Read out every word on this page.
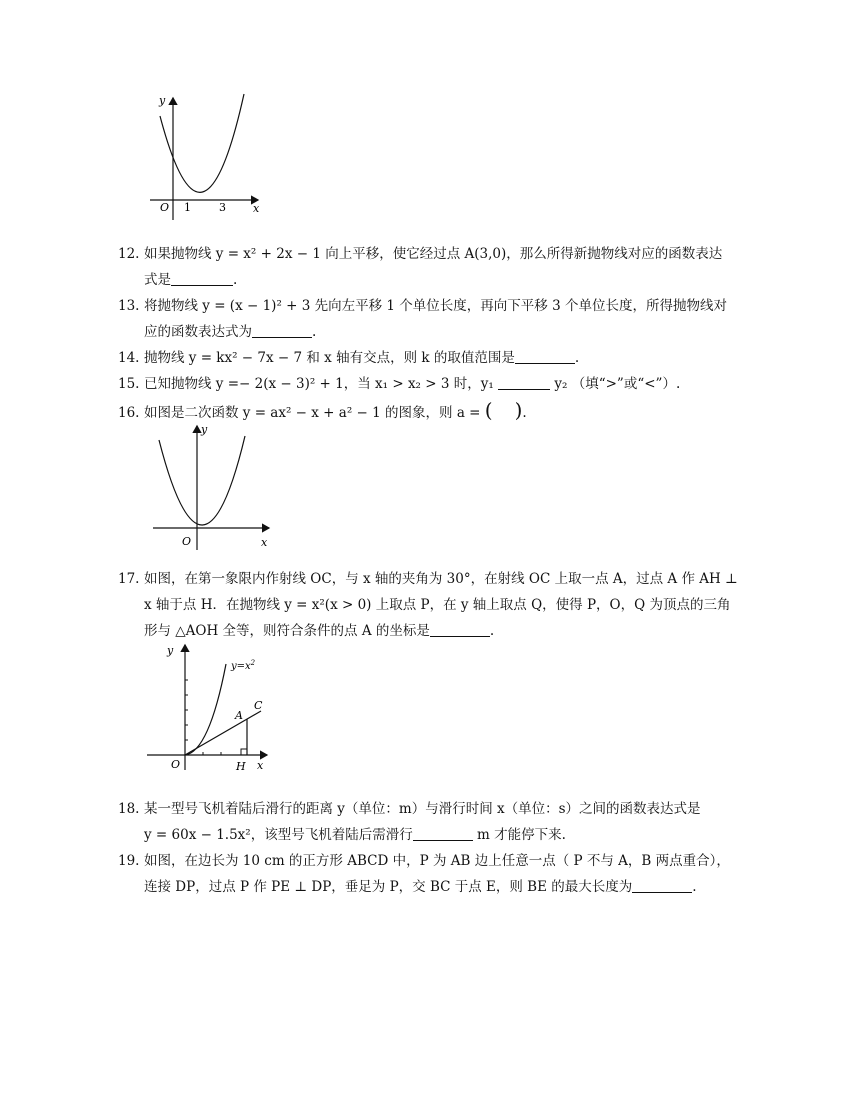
y
x
O 1	3
12. 如果抛物线 y = x² + 2x − 1 向上平移，使它经过点 A(3,0)，那么所得新抛物线对应的函数表达
式是	.
13. 将抛物线 y = (x − 1)² + 3 先向左平移 1 个单位长度，再向下平移 3 个单位长度，所得抛物线对
应的函数表达式为	.
14. 抛物线 y = kx² − 7x − 7 和 x 轴有交点，则 k 的取值范围是	.
15. 已知抛物线 y =− 2(x − 3)² + 1，当 x₁ > x₂ > 3 时，y₁	y₂ （填“>”或“<”）.
16. 如图是二次函数 y = ax² − x + a² − 1 的图象，则 a = ( ).
y
x
O
17. 如图，在第一象限内作射线 OC，与 x 轴的夹角为 30°，在射线 OC 上取一点 A，过点 A 作 AH ⊥
x 轴于点 H．在抛物线 y = x²(x > 0) 上取点 P，在 y 轴上取点 Q，使得 P，O，Q 为顶点的三角
形与 △AOH 全等，则符合条件的点 A 的坐标是	.
y
x
O
$y=x^2$
A
C
H
18. 某一型号飞机着陆后滑行的距离 y（单位：m）与滑行时间 x（单位：s）之间的函数表达式是
y = 60x − 1.5x²，该型号飞机着陆后需滑行	m 才能停下来.
19. 如图，在边长为 10 cm 的正方形 ABCD 中，P 为 AB 边上任意一点（ P 不与 A，B 两点重合），
连接 DP，过点 P 作 PE ⊥ DP，垂足为 P，交 BC 于点 E，则 BE 的最大长度为	.
